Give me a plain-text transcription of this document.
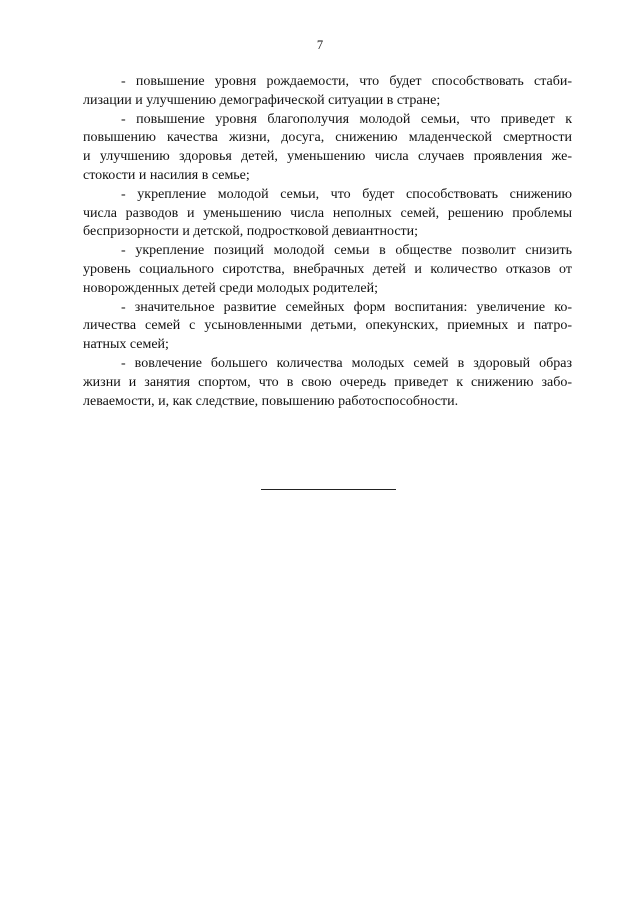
7
- повышение уровня рождаемости, что будет способствовать стаби-
лизации и улучшению демографической ситуации в стране;
- повышение уровня благополучия молодой семьи, что приведет к
повышению качества жизни, досуга, снижению младенческой смертности
и улучшению здоровья детей, уменьшению числа случаев проявления же-
стокости и насилия в семье;
- укрепление молодой семьи, что будет способствовать снижению
числа разводов и уменьшению числа неполных семей, решению проблемы
беспризорности и детской, подростковой девиантности;
- укрепление позиций молодой семьи в обществе позволит снизить
уровень социального сиротства, внебрачных детей и количество отказов от
новорожденных детей среди молодых родителей;
- значительное развитие семейных форм воспитания: увеличение ко-
личества семей с усыновленными детьми, опекунских, приемных и патро-
натных семей;
- вовлечение большего количества молодых семей в здоровый образ
жизни и занятия спортом, что в свою очередь приведет к снижению забо-
леваемости, и, как следствие, повышению работоспособности.
